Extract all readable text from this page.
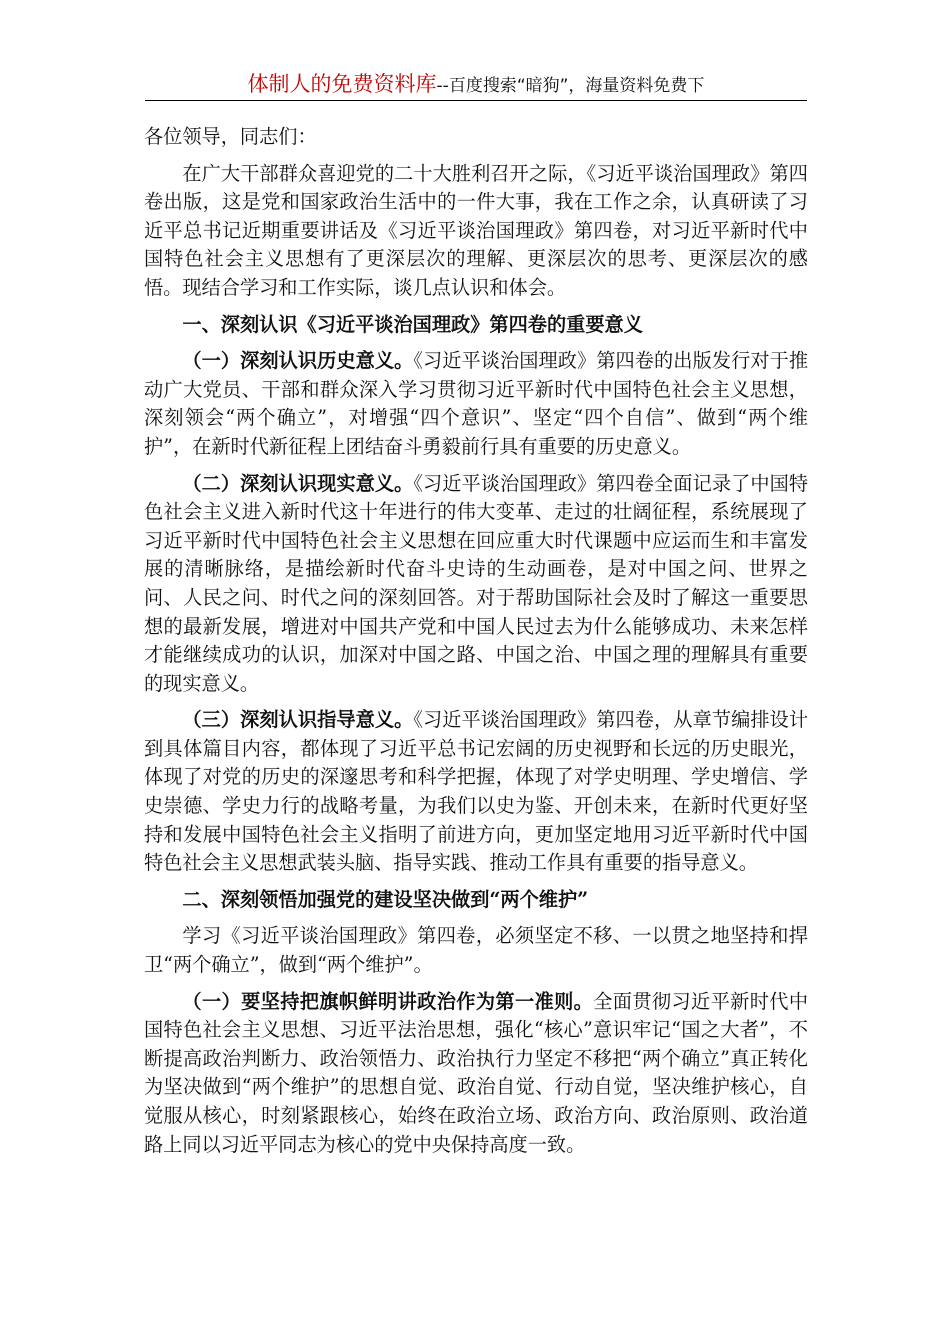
体制人的免费资料库--百度搜索“暗狗”，海量资料免费下

各位领导，同志们：

在广大干部群众喜迎党的二十大胜利召开之际，《习近平谈治国理政》第四卷出版，这是党和国家政治生活中的一件大事，我在工作之余，认真研读了习近平总书记近期重要讲话及《习近平谈治国理政》第四卷，对习近平新时代中国特色社会主义思想有了更深层次的理解、更深层次的思考、更深层次的感悟。现结合学习和工作实际，谈几点认识和体会。

一、深刻认识《习近平谈治国理政》第四卷的重要意义

（一）深刻认识历史意义。《习近平谈治国理政》第四卷的出版发行对于推动广大党员、干部和群众深入学习贯彻习近平新时代中国特色社会主义思想，深刻领会“两个确立”，对增强“四个意识”、坚定“四个自信”、做到“两个维护”，在新时代新征程上团结奋斗勇毅前行具有重要的历史意义。

（二）深刻认识现实意义。《习近平谈治国理政》第四卷全面记录了中国特色社会主义进入新时代这十年进行的伟大变革、走过的壮阔征程，系统展现了习近平新时代中国特色社会主义思想在回应重大时代课题中应运而生和丰富发展的清晰脉络，是描绘新时代奋斗史诗的生动画卷，是对中国之问、世界之问、人民之问、时代之问的深刻回答。对于帮助国际社会及时了解这一重要思想的最新发展，增进对中国共产党和中国人民过去为什么能够成功、未来怎样才能继续成功的认识，加深对中国之路、中国之治、中国之理的理解具有重要的现实意义。

（三）深刻认识指导意义。《习近平谈治国理政》第四卷，从章节编排设计到具体篇目内容，都体现了习近平总书记宏阔的历史视野和长远的历史眼光，体现了对党的历史的深邃思考和科学把握，体现了对学史明理、学史增信、学史崇德、学史力行的战略考量，为我们以史为鉴、开创未来，在新时代更好坚持和发展中国特色社会主义指明了前进方向，更加坚定地用习近平新时代中国特色社会主义思想武装头脑、指导实践、推动工作具有重要的指导意义。

二、深刻领悟加强党的建设坚决做到“两个维护”

学习《习近平谈治国理政》第四卷，必须坚定不移、一以贯之地坚持和捍卫“两个确立”，做到“两个维护”。

（一）要坚持把旗帜鲜明讲政治作为第一准则。全面贯彻习近平新时代中国特色社会主义思想、习近平法治思想，强化“核心”意识牢记“国之大者”，不断提高政治判断力、政治领悟力、政治执行力坚定不移把“两个确立”真正转化为坚决做到“两个维护”的思想自觉、政治自觉、行动自觉，坚决维护核心，自觉服从核心，时刻紧跟核心，始终在政治立场、政治方向、政治原则、政治道路上同以习近平同志为核心的党中央保持高度一致。
